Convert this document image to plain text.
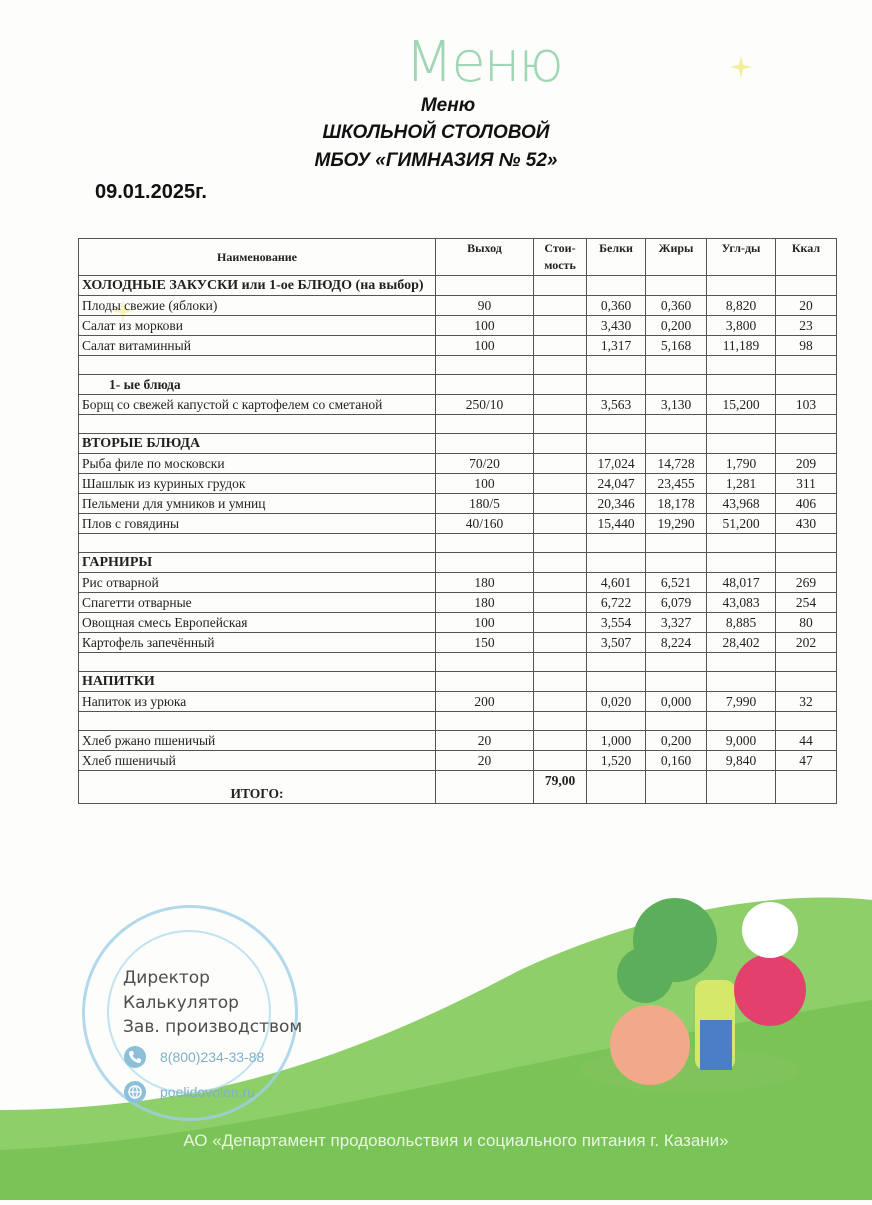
Меню
Меню
ШКОЛЬНОЙ СТОЛОВОЙ
МБОУ «ГИМНАЗИЯ № 52»
09.01.2025г.
Наименование	Выход	Стои-мость	Белки	Жиры	Угл-ды	Ккал
ХОЛОДНЫЕ ЗАКУСКИ или 1-ое БЛЮДО (на выбор)						
Плоды свежие (яблоки)	90		0,360	0,360	8,820	20
Салат из моркови	100		3,430	0,200	3,800	23
Салат витаминный	100		1,317	5,168	11,189	98

1- ые блюда						
Борщ со свежей капустой с картофелем со сметаной	250/10		3,563	3,130	15,200	103

ВТОРЫЕ БЛЮДА						
Рыба филе по московски	70/20		17,024	14,728	1,790	209
Шашлык из куриных грудок	100		24,047	23,455	1,281	311
Пельмени для умников и умниц	180/5		20,346	18,178	43,968	406
Плов с говядины	40/160		15,440	19,290	51,200	430

ГАРНИРЫ						
Рис отварной	180		4,601	6,521	48,017	269
Спагетти отварные	180		6,722	6,079	43,083	254
Овощная смесь Европейская	100		3,554	3,327	8,885	80
Картофель запечённый	150		3,507	8,224	28,402	202

НАПИТКИ						
Напиток из урюка	200		0,020	0,000	7,990	32

Хлеб ржано пшеничый	20		1,000	0,200	9,000	44
Хлеб пшеничый	20		1,520	0,160	9,840	47
ИТОГО:		79,00				
Директор
Калькулятор
Зав. производством
8(800)234-33-88
poelidovolen.ru
АО «Департамент продовольствия и социального питания г. Казани»
